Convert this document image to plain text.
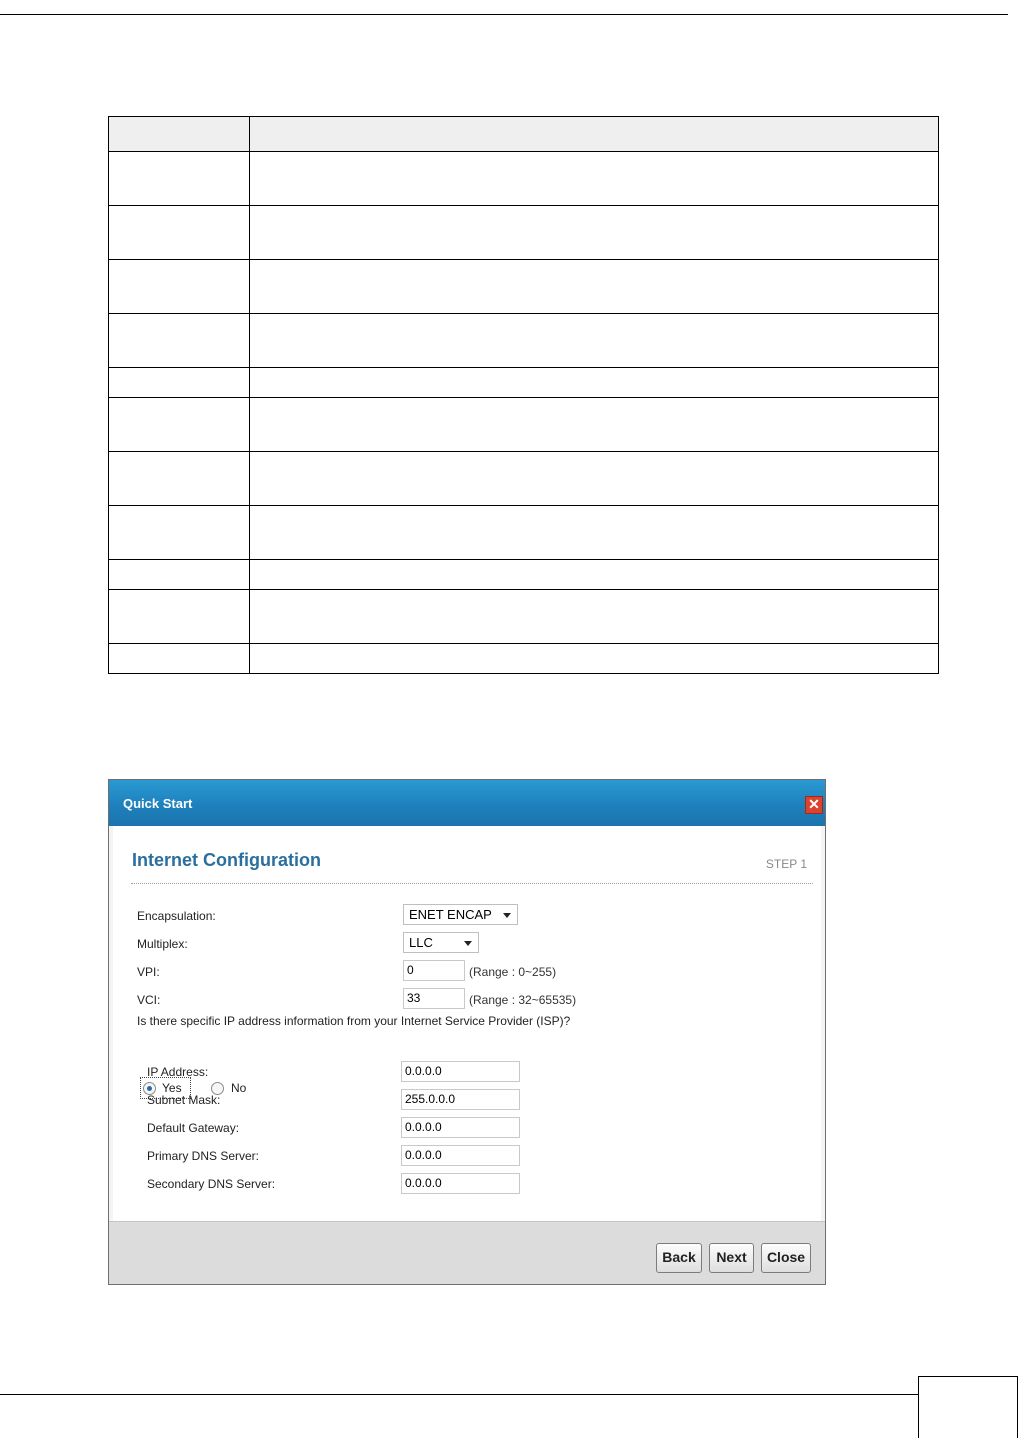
Quick Start	✕
Internet Configuration	STEP 1
Encapsulation:	ENET ENCAP
Multiplex:	LLC
VPI:	0	(Range : 0~255)
VCI:	33	(Range : 32~65535)
Is there specific IP address information from your Internet Service Provider (ISP)?
Yes	No
IP Address:	0.0.0.0
Subnet Mask:	255.0.0.0
Default Gateway:	0.0.0.0
Primary DNS Server:	0.0.0.0
Secondary DNS Server:	0.0.0.0
Back	Next	Close
